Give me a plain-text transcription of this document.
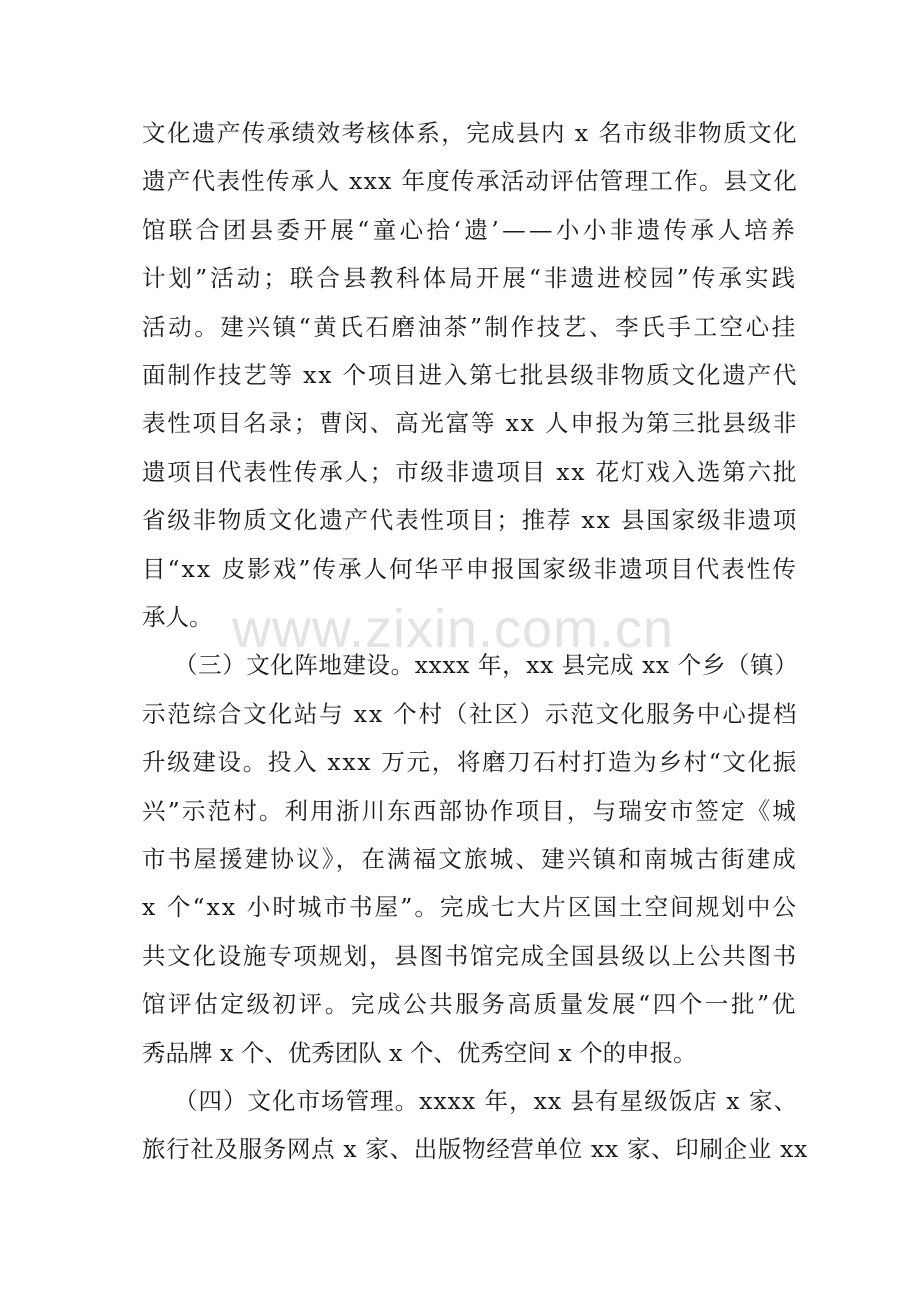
www.zixin.com.cn
文化遗产传承绩效考核体系，完成县内 x 名市级非物质文化
遗产代表性传承人 xxx 年度传承活动评估管理工作。县文化
馆联合团县委开展“童心拾‘遗’——小小非遗传承人培养
计划”活动；联合县教科体局开展“非遗进校园”传承实践
活动。建兴镇“黄氏石磨油茶”制作技艺、李氏手工空心挂
面制作技艺等 xx 个项目进入第七批县级非物质文化遗产代
表性项目名录；曹闵、高光富等 xx 人申报为第三批县级非
遗项目代表性传承人；市级非遗项目 xx 花灯戏入选第六批
省级非物质文化遗产代表性项目；推荐 xx 县国家级非遗项
目“xx 皮影戏”传承人何华平申报国家级非遗项目代表性传
承人。
（三）文化阵地建设。xxxx 年，xx 县完成 xx 个乡（镇）
示范综合文化站与 xx 个村（社区）示范文化服务中心提档
升级建设。投入 xxx 万元，将磨刀石村打造为乡村“文化振
兴”示范村。利用浙川东西部协作项目，与瑞安市签定《城
市书屋援建协议》，在满福文旅城、建兴镇和南城古街建成
x 个“xx 小时城市书屋”。完成七大片区国土空间规划中公
共文化设施专项规划，县图书馆完成全国县级以上公共图书
馆评估定级初评。完成公共服务高质量发展“四个一批”优
秀品牌 x 个、优秀团队 x 个、优秀空间 x 个的申报。
（四）文化市场管理。xxxx 年，xx 县有星级饭店 x 家、
旅行社及服务网点 x 家、出版物经营单位 xx 家、印刷企业 xx
